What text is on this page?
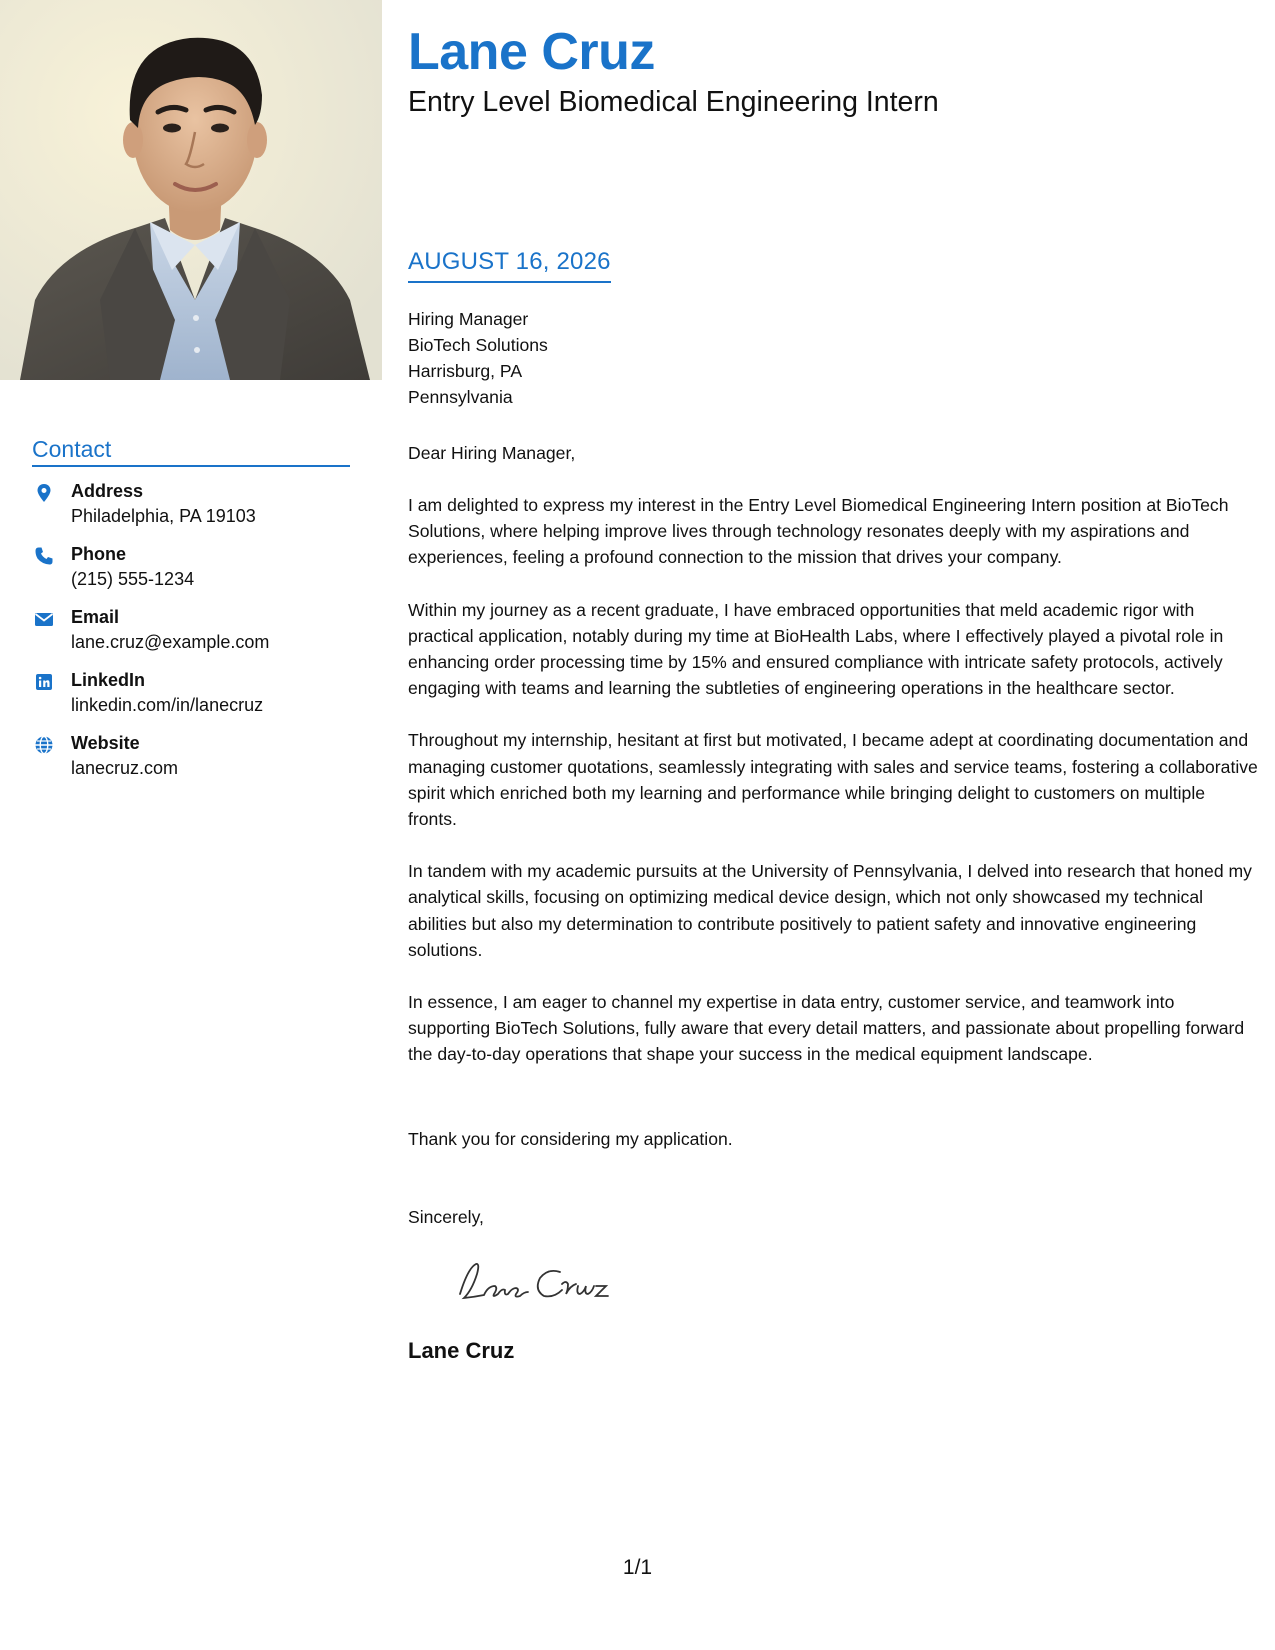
Lane Cruz
Entry Level Biomedical Engineering Intern
Contact
Address
Philadelphia, PA 19103
Phone
(215) 555-1234
Email
lane.cruz@example.com
LinkedIn
linkedin.com/in/lanecruz
Website
lanecruz.com
AUGUST 16, 2026
Hiring Manager
BioTech Solutions
Harrisburg, PA
Pennsylvania
Dear Hiring Manager,

I am delighted to express my interest in the Entry Level Biomedical Engineering Intern position at BioTech Solutions, where helping improve lives through technology resonates deeply with my aspirations and experiences, feeling a profound connection to the mission that drives your company.

Within my journey as a recent graduate, I have embraced opportunities that meld academic rigor with practical application, notably during my time at BioHealth Labs, where I effectively played a pivotal role in enhancing order processing time by 15% and ensured compliance with intricate safety protocols, actively engaging with teams and learning the subtleties of engineering operations in the healthcare sector.

Throughout my internship, hesitant at first but motivated, I became adept at coordinating documentation and managing customer quotations, seamlessly integrating with sales and service teams, fostering a collaborative spirit which enriched both my learning and performance while bringing delight to customers on multiple fronts.

In tandem with my academic pursuits at the University of Pennsylvania, I delved into research that honed my analytical skills, focusing on optimizing medical device design, which not only showcased my technical abilities but also my determination to contribute positively to patient safety and innovative engineering solutions.

In essence, I am eager to channel my expertise in data entry, customer service, and teamwork into supporting BioTech Solutions, fully aware that every detail matters, and passionate about propelling forward the day-to-day operations that shape your success in the medical equipment landscape.

Thank you for considering my application.
Sincerely,
Lane Cruz
1/1
